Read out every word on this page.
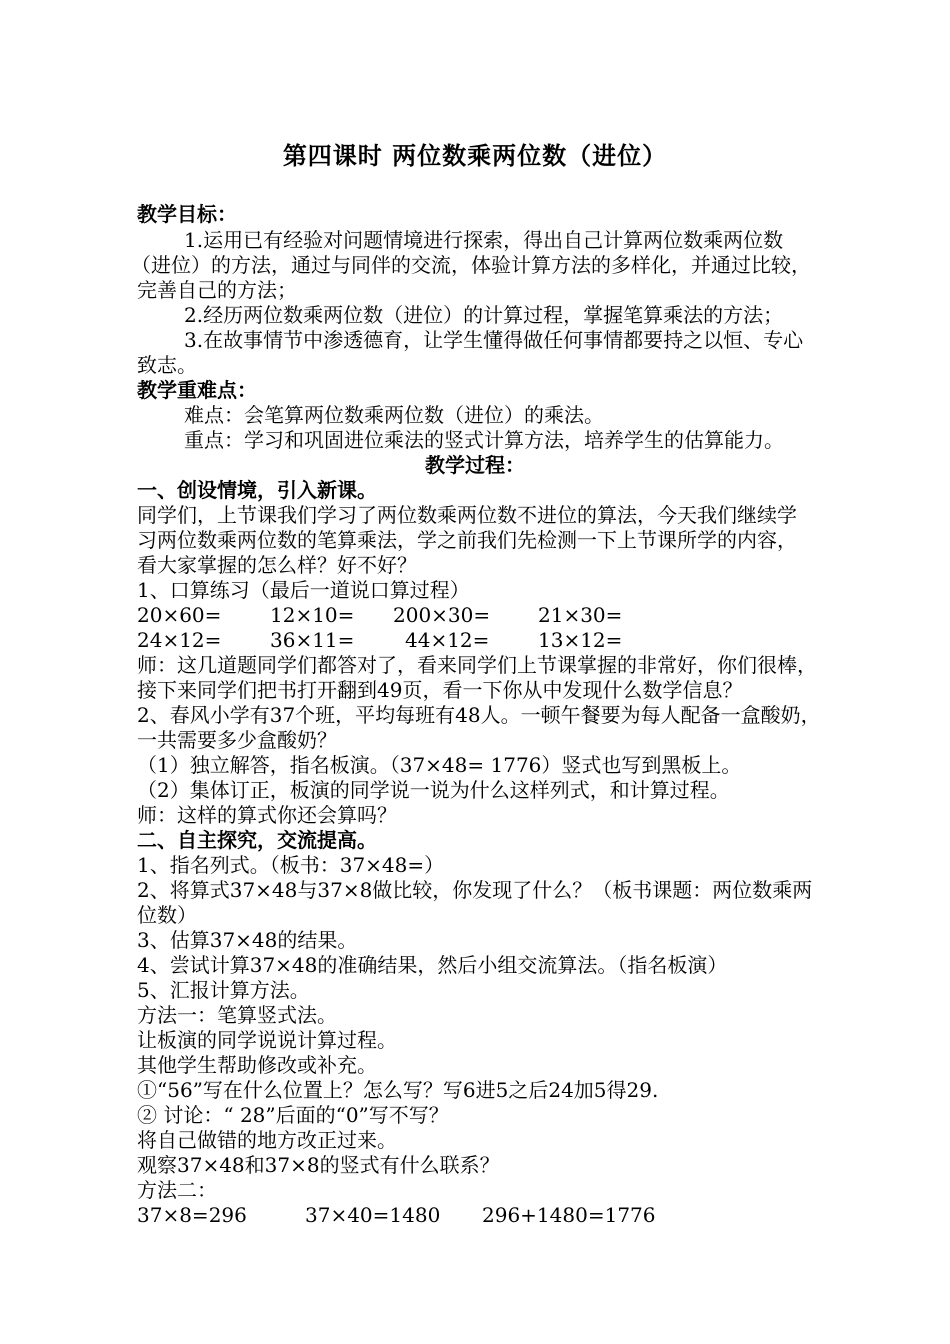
第四课时 两位数乘两位数（进位）
教学目标：
1.运用已有经验对问题情境进行探索，得出自己计算两位数乘两位数
（进位）的方法，通过与同伴的交流，体验计算方法的多样化，并通过比较，
完善自己的方法；
2.经历两位数乘两位数（进位）的计算过程，掌握笔算乘法的方法；
3.在故事情节中渗透德育，让学生懂得做任何事情都要持之以恒、专心
致志。
教学重难点：
难点：会笔算两位数乘两位数（进位）的乘法。
重点：学习和巩固进位乘法的竖式计算方法，培养学生的估算能力。
教学过程：
一、创设情境，引入新课。
同学们，上节课我们学习了两位数乘两位数不进位的算法，今天我们继续学
习两位数乘两位数的笔算乘法，学之前我们先检测一下上节课所学的内容，
看大家掌握的怎么样？好不好？
1、口算练习（最后一道说口算过程）
20×60= 12×10= 200×30= 21×30=
24×12= 36×11=	44×12= 13×12=
师：这几道题同学们都答对了，看来同学们上节课掌握的非常好，你们很棒，
接下来同学们把书打开翻到49页，看一下你从中发现什么数学信息？
2、春风小学有37个班，平均每班有48人。一顿午餐要为每人配备一盒酸奶，
一共需要多少盒酸奶？
（1）独立解答，指名板演。（37×48= 1776）竖式也写到黑板上。
（2）集体订正，板演的同学说一说为什么这样列式，和计算过程。
师：这样的算式你还会算吗？
二、自主探究，交流提高。
1、指名列式。（板书：37×48=）
2、将算式37×48与37×8做比较，你发现了什么？（板书课题：两位数乘两
位数）
3、估算37×48的结果。
4、尝试计算37×48的准确结果，然后小组交流算法。（指名板演）
5、汇报计算方法。
方法一：笔算竖式法。
让板演的同学说说计算过程。
其他学生帮助修改或补充。
①“56”写在什么位置上？怎么写？写6进5之后24加5得29.
② 讨论：“ 28”后面的“0”写不写？
将自己做错的地方改正过来。
观察37×48和37×8的竖式有什么联系？
方法二：
37×8=296	37×40=1480 296+1480=1776
